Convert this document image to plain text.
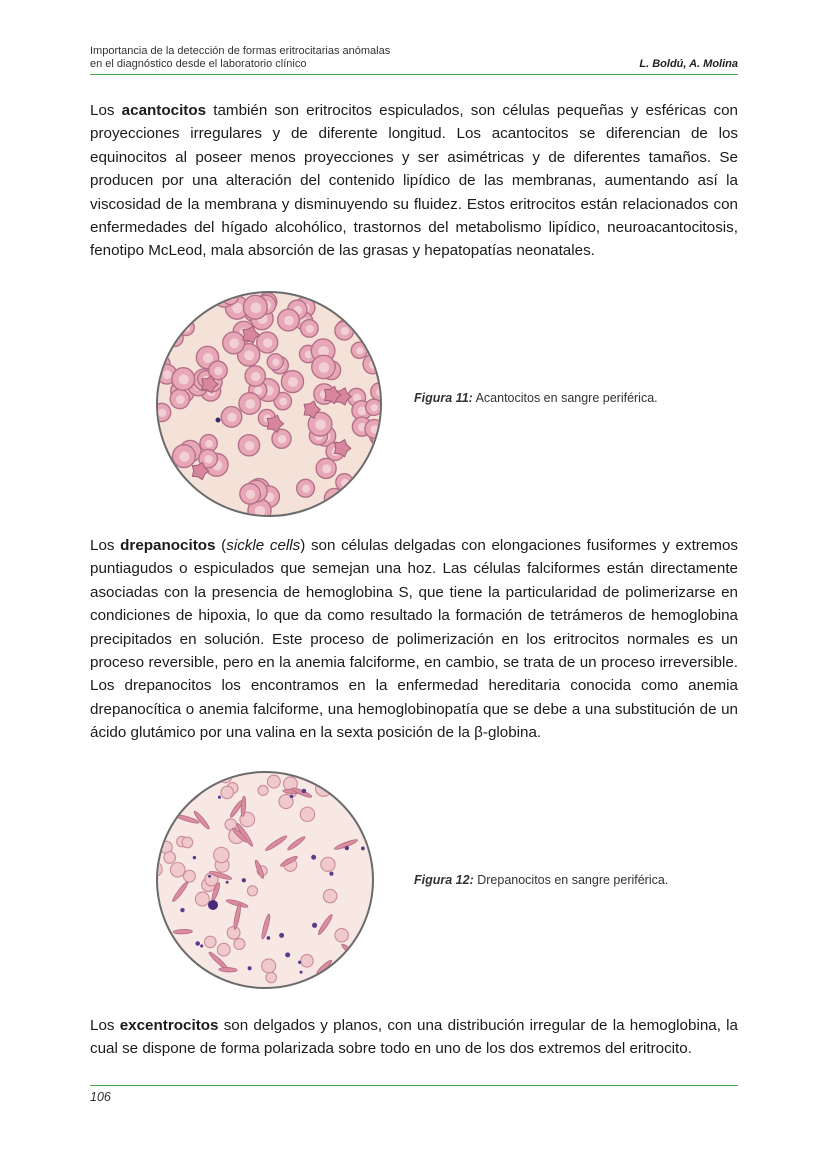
Importancia de la detección de formas eritrocitarias anómalas
en el diagnóstico desde el laboratorio clínico	L. Boldú, A. Molina

Los acantocitos también son eritrocitos espiculados, son células pequeñas y esféricas con proyecciones irregulares y de diferente longitud. Los acantocitos se diferencian de los equinocitos al poseer menos proyecciones y ser asimétricas y de diferentes tamaños. Se producen por una alteración del contenido lipídico de las membranas, aumentando así la viscosidad de la membrana y disminuyendo su fluidez. Estos eritrocitos están relacionados con enfermedades del hígado alcohólico, trastornos del metabolismo lipídico, neuroacantocitosis, fenotipo McLeod, mala absorción de las grasas y hepatopatías neonatales.

Figura 11: Acantocitos en sangre periférica.

Los drepanocitos (sickle cells) son células delgadas con elongaciones fusiformes y extremos puntiagudos o espiculados que semejan una hoz. Las células falciformes están directamente asociadas con la presencia de hemoglobina S, que tiene la particularidad de polimerizarse en condiciones de hipoxia, lo que da como resultado la formación de tetrámeros de hemoglobina precipitados en solución. Este proceso de polimerización en los eritrocitos normales es un proceso reversible, pero en la anemia falciforme, en cambio, se trata de un proceso irreversible. Los drepanocitos los encontramos en la enfermedad hereditaria conocida como anemia drepanocítica o anemia falciforme, una hemoglobinopatía que se debe a una substitución de un ácido glutámico por una valina en la sexta posición de la β-globina.

Figura 12: Drepanocitos en sangre periférica.

Los excentrocitos son delgados y planos, con una distribución irregular de la hemoglobina, la cual se dispone de forma polarizada sobre todo en uno de los dos extremos del eritrocito.

106
